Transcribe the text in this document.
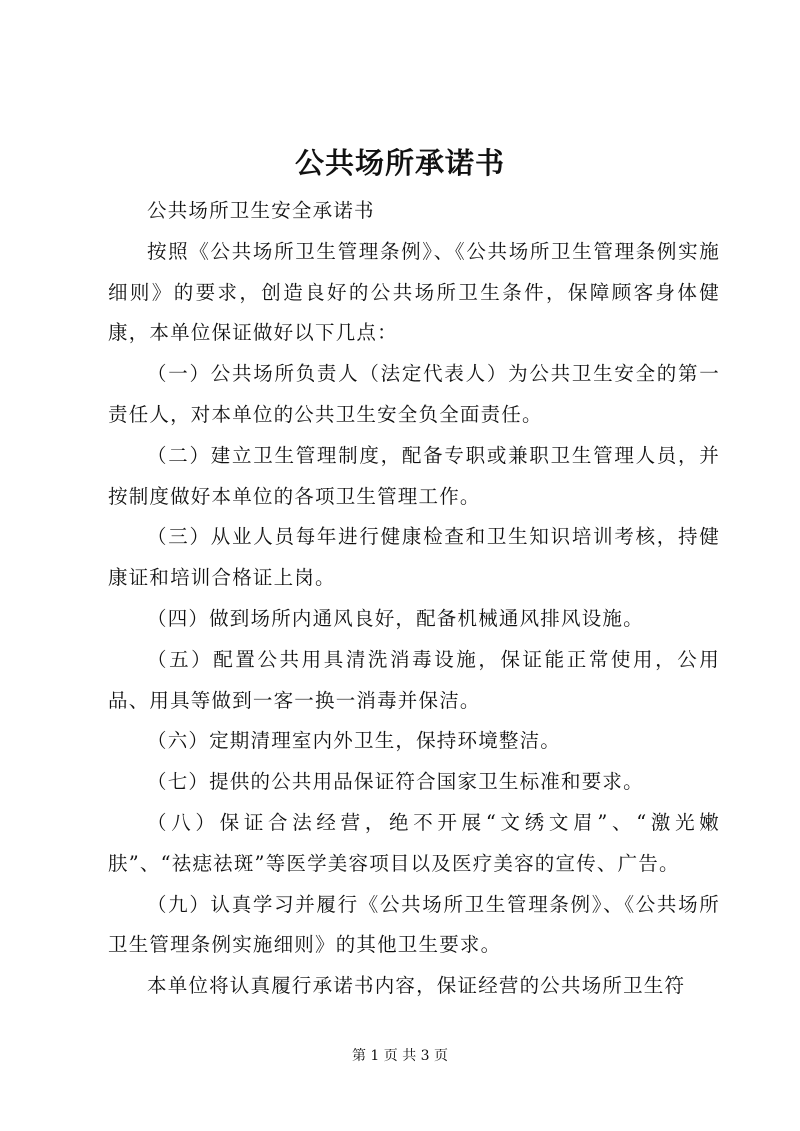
公共场所承诺书

公共场所卫生安全承诺书

按照《公共场所卫生管理条例》、《公共场所卫生管理条例实施细则》的要求，创造良好的公共场所卫生条件，保障顾客身体健康，本单位保证做好以下几点：

（一）公共场所负责人（法定代表人）为公共卫生安全的第一责任人，对本单位的公共卫生安全负全面责任。

（二）建立卫生管理制度，配备专职或兼职卫生管理人员，并按制度做好本单位的各项卫生管理工作。

（三）从业人员每年进行健康检查和卫生知识培训考核，持健康证和培训合格证上岗。

（四）做到场所内通风良好，配备机械通风排风设施。

（五）配置公共用具清洗消毒设施，保证能正常使用，公用品、用具等做到一客一换一消毒并保洁。

（六）定期清理室内外卫生，保持环境整洁。

（七）提供的公共用品保证符合国家卫生标准和要求。

（八）保证合法经营，绝不开展“文绣文眉”、“激光嫩肤”、“祛痣祛斑”等医学美容项目以及医疗美容的宣传、广告。

（九）认真学习并履行《公共场所卫生管理条例》、《公共场所卫生管理条例实施细则》的其他卫生要求。

本单位将认真履行承诺书内容，保证经营的公共场所卫生符

第 1 页 共 3 页
